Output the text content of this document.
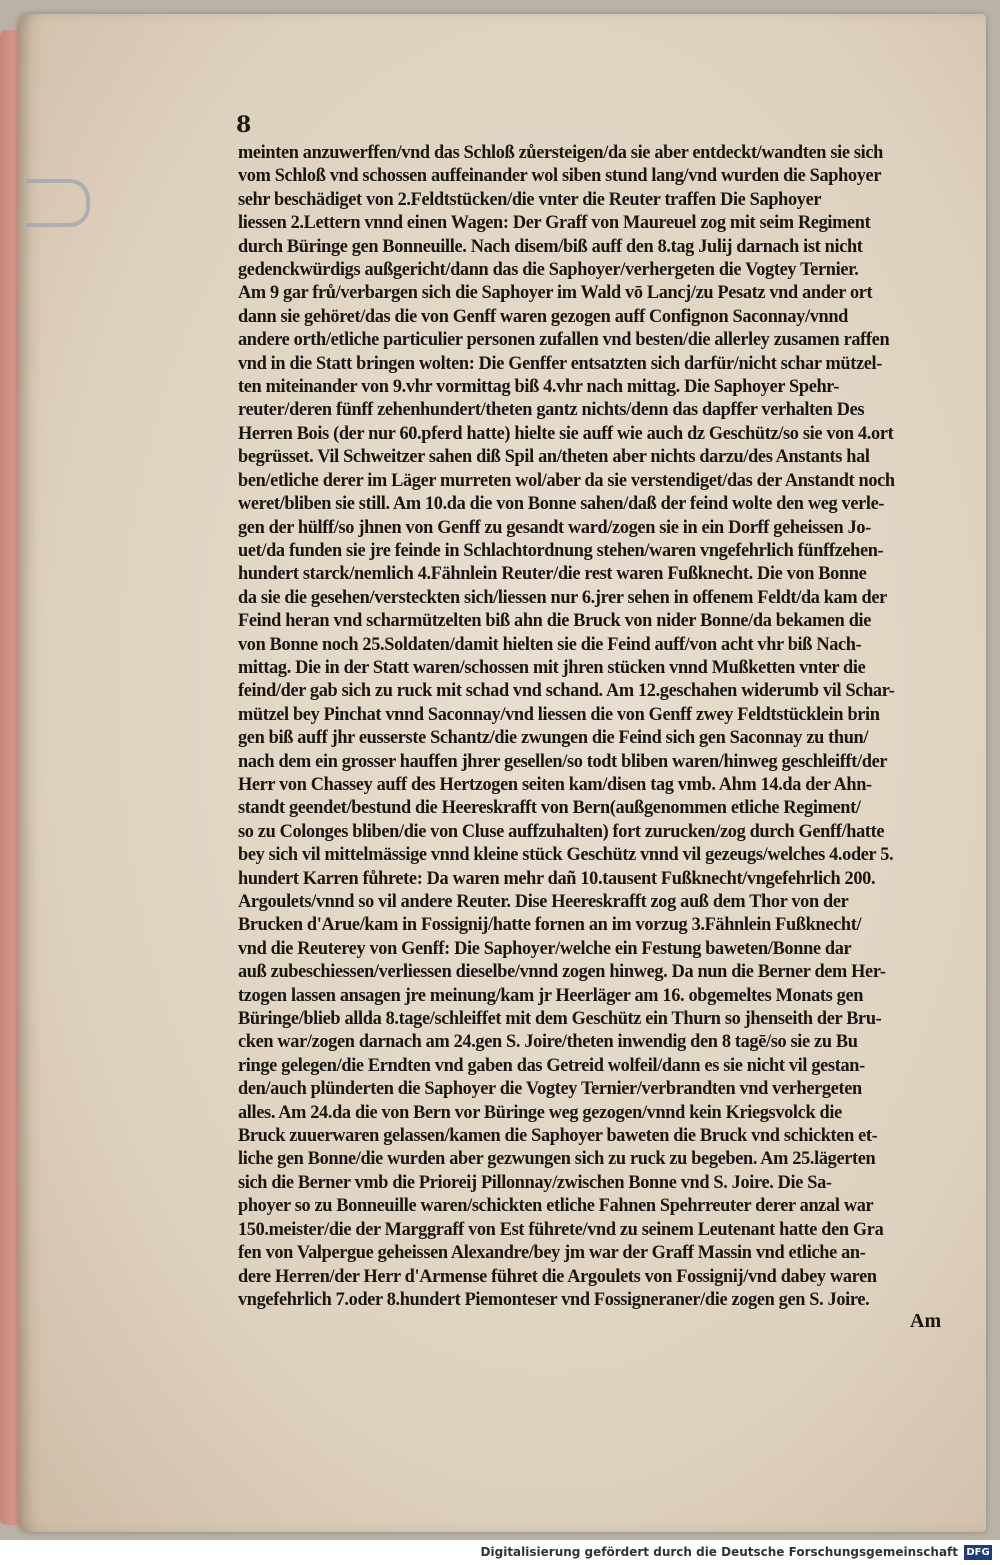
8
meinten anzuwerffen/vnd das Schloß zůersteigen/da sie aber entdeckt/wandten sie sich
vom Schloß vnd schossen auffeinander wol siben stund lang/vnd wurden die Saphoyer
sehr beschädiget von 2.Feldtstücken/die vnter die Reuter traffen Die Saphoyer
liessen 2.Lettern vnnd einen Wagen: Der Graff von Maureuel zog mit seim Regiment
durch Büringe gen Bonneuille. Nach disem/biß auff den 8.tag Julij darnach ist nicht
gedenckwürdigs außgericht/dann das die Saphoyer/verhergeten die Vogtey Ternier.
Am 9 gar frů/verbargen sich die Saphoyer im Wald vō Lancj/zu Pesatz vnd ander ort
dann sie gehöret/das die von Genff waren gezogen auff Confignon Saconnay/vnnd
andere orth/etliche particulier personen zufallen vnd besten/die allerley zusamen raffen
vnd in die Statt bringen wolten: Die Genffer entsatzten sich darfür/nicht schar mützel-
ten miteinander von 9.vhr vormittag biß 4.vhr nach mittag. Die Saphoyer Spehr-
reuter/deren fünff zehenhundert/theten gantz nichts/denn das dapffer verhalten Des
Herren Bois (der nur 60.pferd hatte) hielte sie auff wie auch dz Geschütz/so sie von 4.ort
begrüsset. Vil Schweitzer sahen diß Spil an/theten aber nichts darzu/des Anstants hal
ben/etliche derer im Läger murreten wol/aber da sie verstendiget/das der Anstandt noch
weret/bliben sie still. Am 10.da die von Bonne sahen/daß der feind wolte den weg verle-
gen der hülff/so jhnen von Genff zu gesandt ward/zogen sie in ein Dorff geheissen Jo-
uet/da funden sie jre feinde in Schlachtordnung stehen/waren vngefehrlich fünffzehen-
hundert starck/nemlich 4.Fähnlein Reuter/die rest waren Fußknecht. Die von Bonne
da sie die gesehen/versteckten sich/liessen nur 6.jrer sehen in offenem Feldt/da kam der
Feind heran vnd scharmützelten biß ahn die Bruck von nider Bonne/da bekamen die
von Bonne noch 25.Soldaten/damit hielten sie die Feind auff/von acht vhr biß Nach-
mittag. Die in der Statt waren/schossen mit jhren stücken vnnd Mußketten vnter die
feind/der gab sich zu ruck mit schad vnd schand. Am 12.geschahen widerumb vil Schar-
mützel bey Pinchat vnnd Saconnay/vnd liessen die von Genff zwey Feldtstücklein brin
gen biß auff jhr eusserste Schantz/die zwungen die Feind sich gen Saconnay zu thun/
nach dem ein grosser hauffen jhrer gesellen/so todt bliben waren/hinweg geschleifft/der
Herr von Chassey auff des Hertzogen seiten kam/disen tag vmb. Ahm 14.da der Ahn-
standt geendet/bestund die Heereskrafft von Bern(außgenommen etliche Regiment/
so zu Colonges bliben/die von Cluse auffzuhalten) fort zurucken/zog durch Genff/hatte
bey sich vil mittelmässige vnnd kleine stück Geschütz vnnd vil gezeugs/welches 4.oder 5.
hundert Karren fůhrete: Da waren mehr dañ 10.tausent Fußknecht/vngefehrlich 200.
Argoulets/vnnd so vil andere Reuter. Dise Heereskrafft zog auß dem Thor von der
Brucken d'Arue/kam in Fossignij/hatte fornen an im vorzug 3.Fähnlein Fußknecht/
vnd die Reuterey von Genff: Die Saphoyer/welche ein Festung baweten/Bonne dar
auß zubeschiessen/verliessen dieselbe/vnnd zogen hinweg. Da nun die Berner dem Her-
tzogen lassen ansagen jre meinung/kam jr Heerläger am 16. obgemeltes Monats gen
Büringe/blieb allda 8.tage/schleiffet mit dem Geschütz ein Thurn so jhenseith der Bru-
cken war/zogen darnach am 24.gen S. Joire/theten inwendig den 8 tagē/so sie zu Bu
ringe gelegen/die Erndten vnd gaben das Getreid wolfeil/dann es sie nicht vil gestan-
den/auch plünderten die Saphoyer die Vogtey Ternier/verbrandten vnd verhergeten
alles. Am 24.da die von Bern vor Büringe weg gezogen/vnnd kein Kriegsvolck die
Bruck zuuerwaren gelassen/kamen die Saphoyer baweten die Bruck vnd schickten et-
liche gen Bonne/die wurden aber gezwungen sich zu ruck zu begeben. Am 25.lägerten
sich die Berner vmb die Prioreij Pillonnay/zwischen Bonne vnd S. Joire. Die Sa-
phoyer so zu Bonneuille waren/schickten etliche Fahnen Spehrreuter derer anzal war
150.meister/die der Marggraff von Est führete/vnd zu seinem Leutenant hatte den Gra
fen von Valpergue geheissen Alexandre/bey jm war der Graff Massin vnd etliche an-
dere Herren/der Herr d'Armense führet die Argoulets von Fossignij/vnd dabey waren
vngefehrlich 7.oder 8.hundert Piemonteser vnd Fossigneraner/die zogen gen S. Joire.
Am
Digitalisierung gefördert durch die Deutsche Forschungsgemeinschaft DFG
